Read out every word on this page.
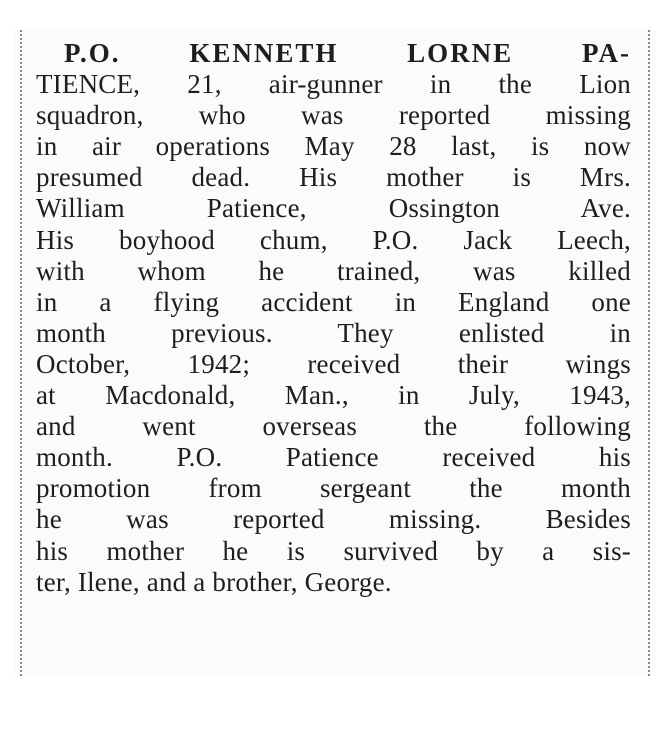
P.O. KENNETH LORNE PA-
TIENCE, 21, air-gunner in the Lion
squadron, who was reported missing
in air operations May 28 last, is now
presumed dead. His mother is Mrs.
William Patience, Ossington Ave.
His boyhood chum, P.O. Jack Leech,
with whom he trained, was killed
in a flying accident in England one
month previous. They enlisted in
October, 1942; received their wings
at Macdonald, Man., in July, 1943,
and went overseas the following
month. P.O. Patience received his
promotion from sergeant the month
he was reported missing. Besides
his mother he is survived by a sis-
ter, Ilene, and a brother, George.
